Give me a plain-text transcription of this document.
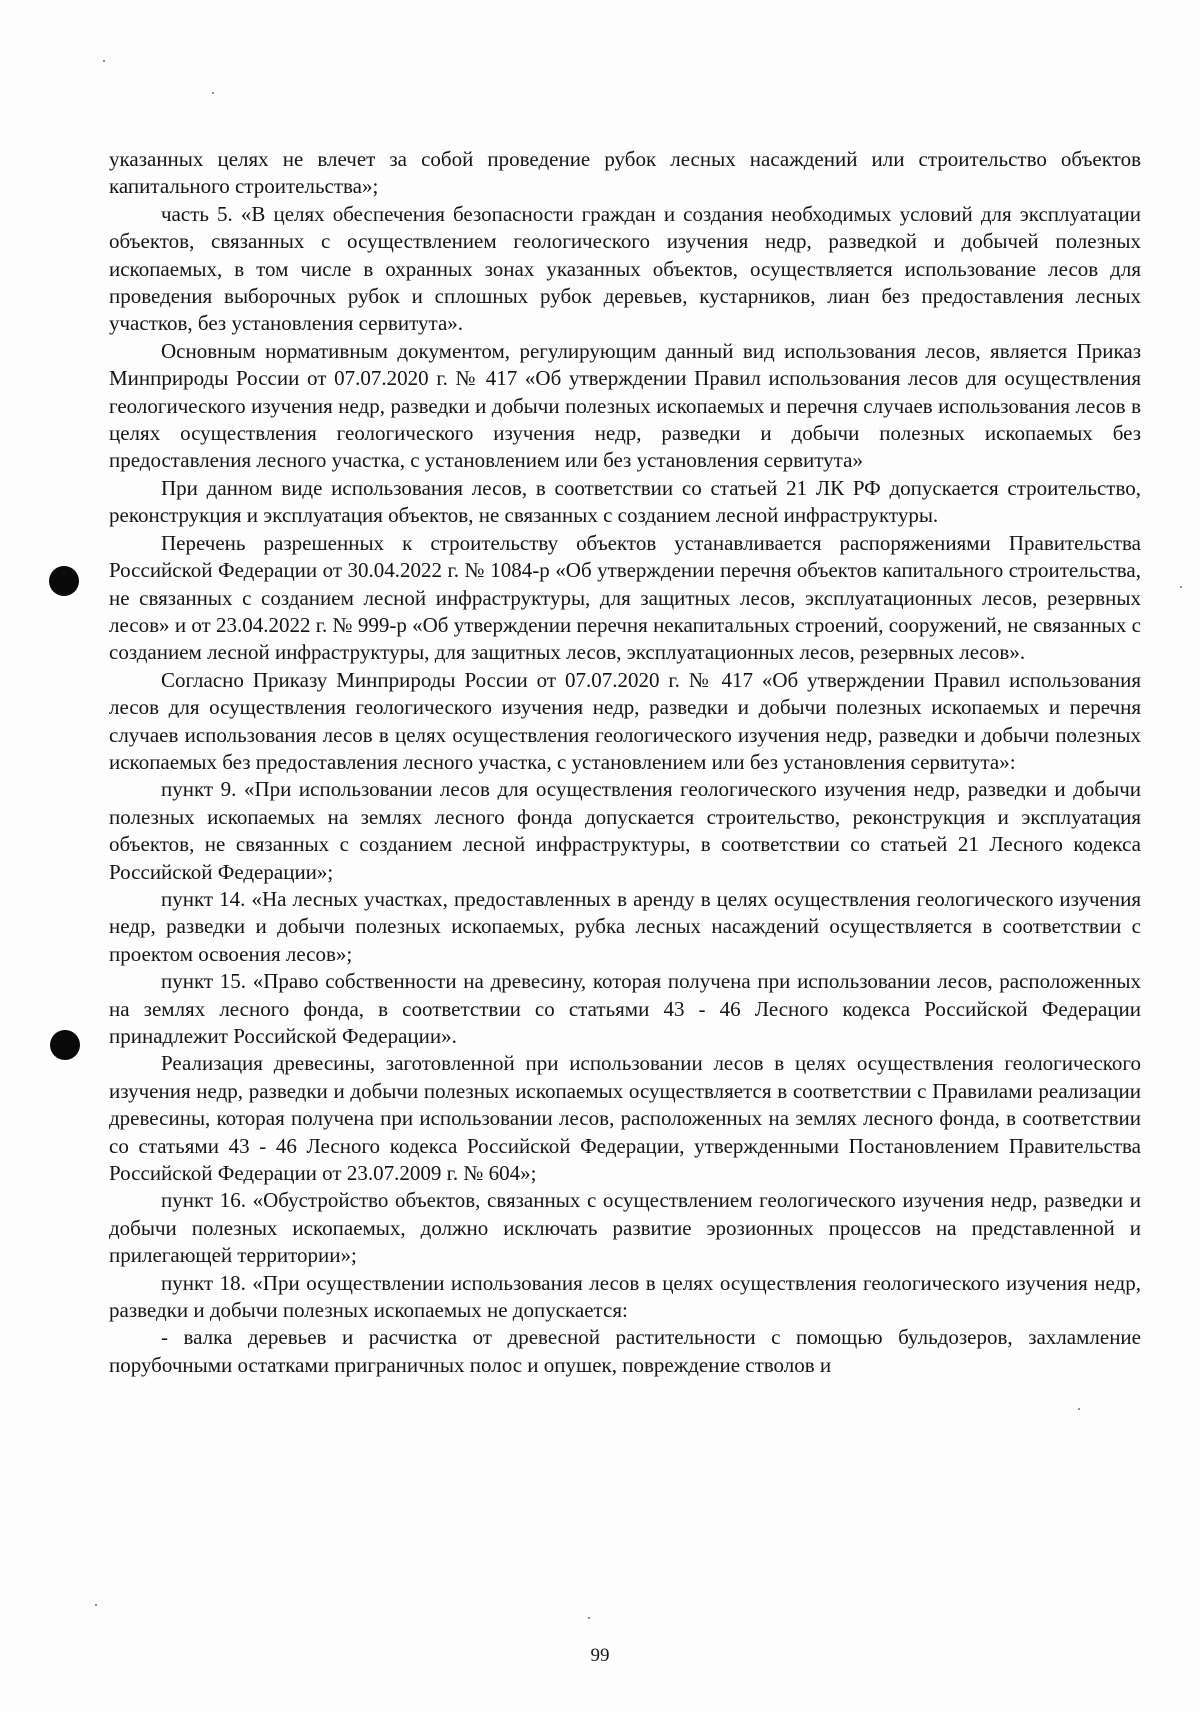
указанных целях не влечет за собой проведение рубок лесных насаждений или строительство объектов капитального строительства»;

часть 5. «В целях обеспечения безопасности граждан и создания необходимых условий для эксплуатации объектов, связанных с осуществлением геологического изучения недр, разведкой и добычей полезных ископаемых, в том числе в охранных зонах указанных объектов, осуществляется использование лесов для проведения выборочных рубок и сплошных рубок деревьев, кустарников, лиан без предоставления лесных участков, без установления сервитута».

Основным нормативным документом, регулирующим данный вид использования лесов, является Приказ Минприроды России от 07.07.2020 г. № 417 «Об утверждении Правил использования лесов для осуществления геологического изучения недр, разведки и добычи полезных ископаемых и перечня случаев использования лесов в целях осуществления геологического изучения недр, разведки и добычи полезных ископаемых без предоставления лесного участка, с установлением или без установления сервитута»

При данном виде использования лесов, в соответствии со статьей 21 ЛК РФ допускается строительство, реконструкция и эксплуатация объектов, не связанных с созданием лесной инфраструктуры.

Перечень разрешенных к строительству объектов устанавливается распоряжениями Правительства Российской Федерации от 30.04.2022 г. № 1084-р «Об утверждении перечня объектов капитального строительства, не связанных с созданием лесной инфраструктуры, для защитных лесов, эксплуатационных лесов, резервных лесов» и от 23.04.2022 г. № 999-р «Об утверждении перечня некапитальных строений, сооружений, не связанных с созданием лесной инфраструктуры, для защитных лесов, эксплуатационных лесов, резервных лесов».

Согласно Приказу Минприроды России от 07.07.2020 г. № 417 «Об утверждении Правил использования лесов для осуществления геологического изучения недр, разведки и добычи полезных ископаемых и перечня случаев использования лесов в целях осуществления геологического изучения недр, разведки и добычи полезных ископаемых без предоставления лесного участка, с установлением или без установления сервитута»:

пункт 9. «При использовании лесов для осуществления геологического изучения недр, разведки и добычи полезных ископаемых на землях лесного фонда допускается строительство, реконструкция и эксплуатация объектов, не связанных с созданием лесной инфраструктуры, в соответствии со статьей 21 Лесного кодекса Российской Федерации»;

пункт 14. «На лесных участках, предоставленных в аренду в целях осуществления геологического изучения недр, разведки и добычи полезных ископаемых, рубка лесных насаждений осуществляется в соответствии с проектом освоения лесов»;

пункт 15. «Право собственности на древесину, которая получена при использовании лесов, расположенных на землях лесного фонда, в соответствии со статьями 43 - 46 Лесного кодекса Российской Федерации принадлежит Российской Федерации».

Реализация древесины, заготовленной при использовании лесов в целях осуществления геологического изучения недр, разведки и добычи полезных ископаемых осуществляется в соответствии с Правилами реализации древесины, которая получена при использовании лесов, расположенных на землях лесного фонда, в соответствии со статьями 43 - 46 Лесного кодекса Российской Федерации, утвержденными Постановлением Правительства Российской Федерации от 23.07.2009 г. № 604»;

пункт 16. «Обустройство объектов, связанных с осуществлением геологического изучения недр, разведки и добычи полезных ископаемых, должно исключать развитие эрозионных процессов на представленной и прилегающей территории»;

пункт 18. «При осуществлении использования лесов в целях осуществления геологического изучения недр, разведки и добычи полезных ископаемых не допускается:

- валка деревьев и расчистка от древесной растительности с помощью бульдозеров, захламление порубочными остатками приграничных полос и опушек, повреждение стволов и

99
